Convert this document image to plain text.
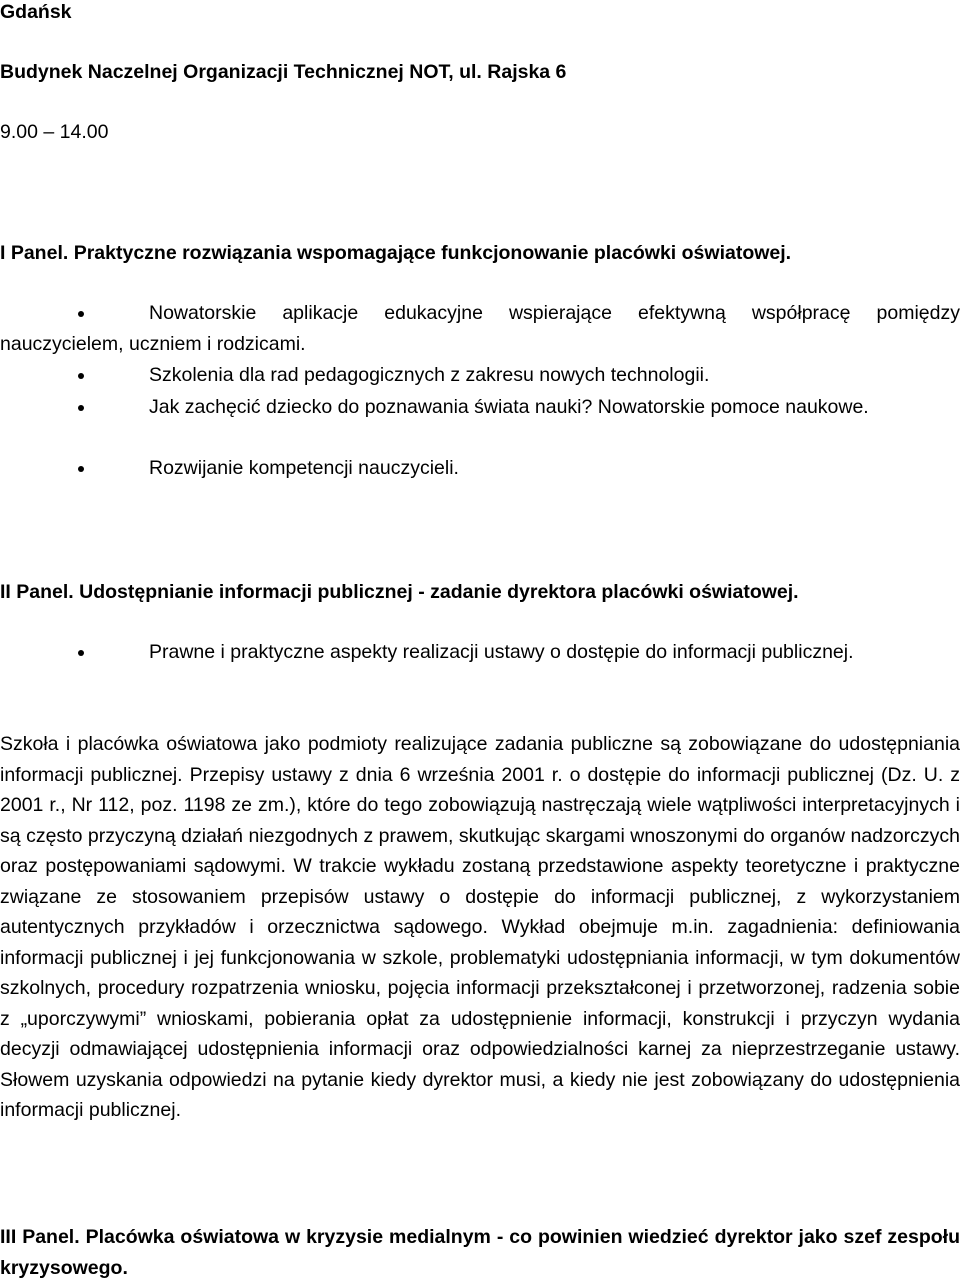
Gdańsk

Budynek Naczelnej Organizacji Technicznej NOT, ul. Rajska 6

9.00 – 14.00

I Panel. Praktyczne rozwiązania wspomagające funkcjonowanie placówki oświatowej.

Nowatorskie aplikacje edukacyjne wspierające efektywną współpracę pomiędzy nauczycielem, uczniem i rodzicami.

Szkolenia dla rad pedagogicznych z zakresu nowych technologii.

Jak zachęcić dziecko do poznawania świata nauki? Nowatorskie pomoce naukowe.

Rozwijanie kompetencji nauczycieli.

II Panel. Udostępnianie informacji publicznej - zadanie dyrektora placówki oświatowej.

Prawne i praktyczne aspekty realizacji ustawy o dostępie do informacji publicznej.

Szkoła i placówka oświatowa jako podmioty realizujące zadania publiczne są zobowiązane do udostępniania informacji publicznej. Przepisy ustawy z dnia 6 września 2001 r. o dostępie do informacji publicznej (Dz. U. z 2001 r., Nr 112, poz. 1198 ze zm.), które do tego zobowiązują nastręczają wiele wątpliwości interpretacyjnych i są często przyczyną działań niezgodnych z prawem, skutkując skargami wnoszonymi do organów nadzorczych oraz postępowaniami sądowymi. W trakcie wykładu zostaną przedstawione aspekty teoretyczne i praktyczne związane ze stosowaniem przepisów ustawy o dostępie do informacji publicznej, z wykorzystaniem autentycznych przykładów i orzecznictwa sądowego. Wykład obejmuje m.in. zagadnienia: definiowania informacji publicznej i jej funkcjonowania w szkole, problematyki udostępniania informacji, w tym dokumentów szkolnych, procedury rozpatrzenia wniosku, pojęcia informacji przekształconej i przetworzonej, radzenia sobie z „uporczywymi” wnioskami, pobierania opłat za udostępnienie informacji, konstrukcji i przyczyn wydania decyzji odmawiającej udostępnienia informacji oraz odpowiedzialności karnej za nieprzestrzeganie ustawy. Słowem uzyskania odpowiedzi na pytanie kiedy dyrektor musi, a kiedy nie jest zobowiązany do udostępnienia informacji publicznej.

III Panel. Placówka oświatowa w kryzysie medialnym - co powinien wiedzieć dyrektor jako szef zespołu kryzysowego.
